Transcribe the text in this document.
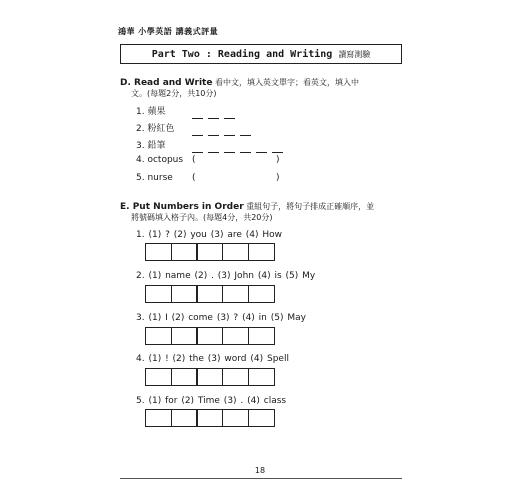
鴻華 小學英語 講義式評量
Part Two : Reading and Writing 讀寫測驗
D. Read and Write 看中文，填入英文單字；看英文，填入中
文。(每題2分，共10分)
1. 蘋果
2. 粉紅色
3. 鉛筆
4. octopus (	)
5. nurse (	)
E. Put Numbers in Order 重組句子，將句子排成正確順序，並
將號碼填入格子內。(每題4分，共20分)
1. (1) ? (2) you (3) are (4) How
2. (1) name (2) . (3) John (4) is (5) My
3. (1) I (2) come (3) ? (4) in (5) May
4. (1) ! (2) the (3) word (4) Spell
5. (1) for (2) Time (3) . (4) class
18
